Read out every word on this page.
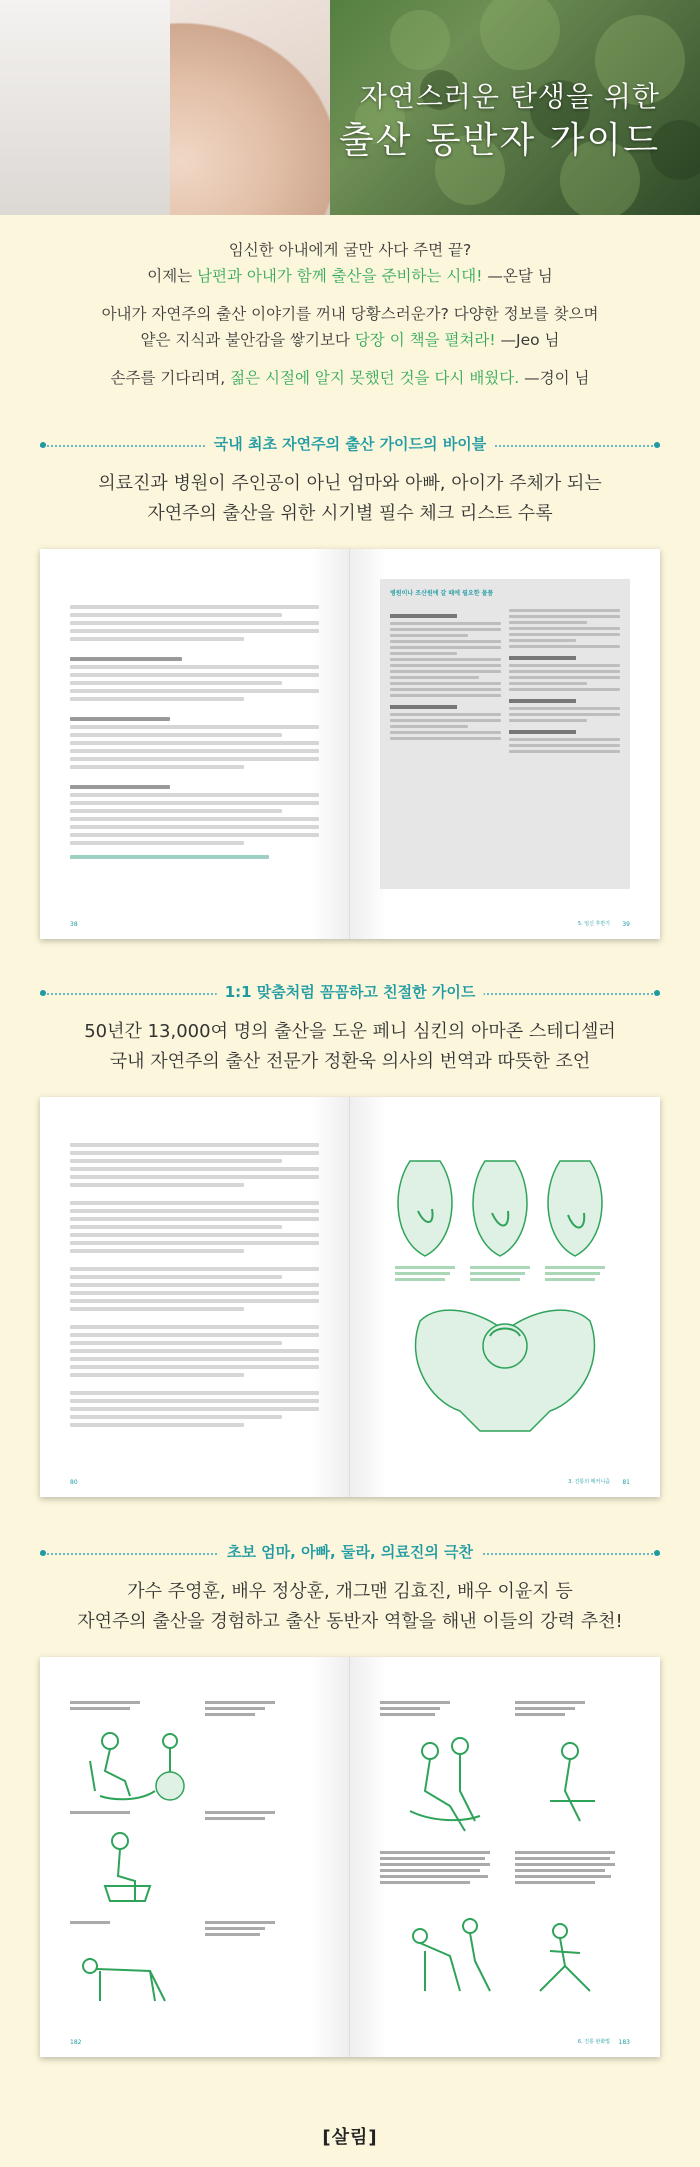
자연스러운 탄생을 위한
출산 동반자 가이드

임신한 아내에게 굴만 사다 주면 끝?
이제는 남편과 아내가 함께 출산을 준비하는 시대! —온달 님

아내가 자연주의 출산 이야기를 꺼내 당황스러운가? 다양한 정보를 찾으며
얕은 지식과 불안감을 쌓기보다 당장 이 책을 펼쳐라! —Jeo 님

손주를 기다리며, 젊은 시절에 알지 못했던 것을 다시 배웠다. —경이 님

국내 최초 자연주의 출산 가이드의 바이블
의료진과 병원이 주인공이 아닌 엄마와 아빠, 아이가 주체가 되는
자연주의 출산을 위한 시기별 필수 체크 리스트 수록
38
병원이나 조산원에 갈 때에 필요한 물품
5. 임신 후반기 39
1:1 맞춤처럼 꼼꼼하고 친절한 가이드
50년간 13,000여 명의 출산을 도운 페니 심킨의 아마존 스테디셀러
국내 자연주의 출산 전문가 정환욱 의사의 번역과 따뜻한 조언
80	3. 진통의 메커니즘 81
초보 엄마, 아빠, 둘라, 의료진의 극찬
가수 주영훈, 배우 정상훈, 개그맨 김효진, 배우 이윤지 등
자연주의 출산을 경험하고 출산 동반자 역할을 해낸 이들의 강력 추천!
182	6. 진통 완화법 183
[살림]
